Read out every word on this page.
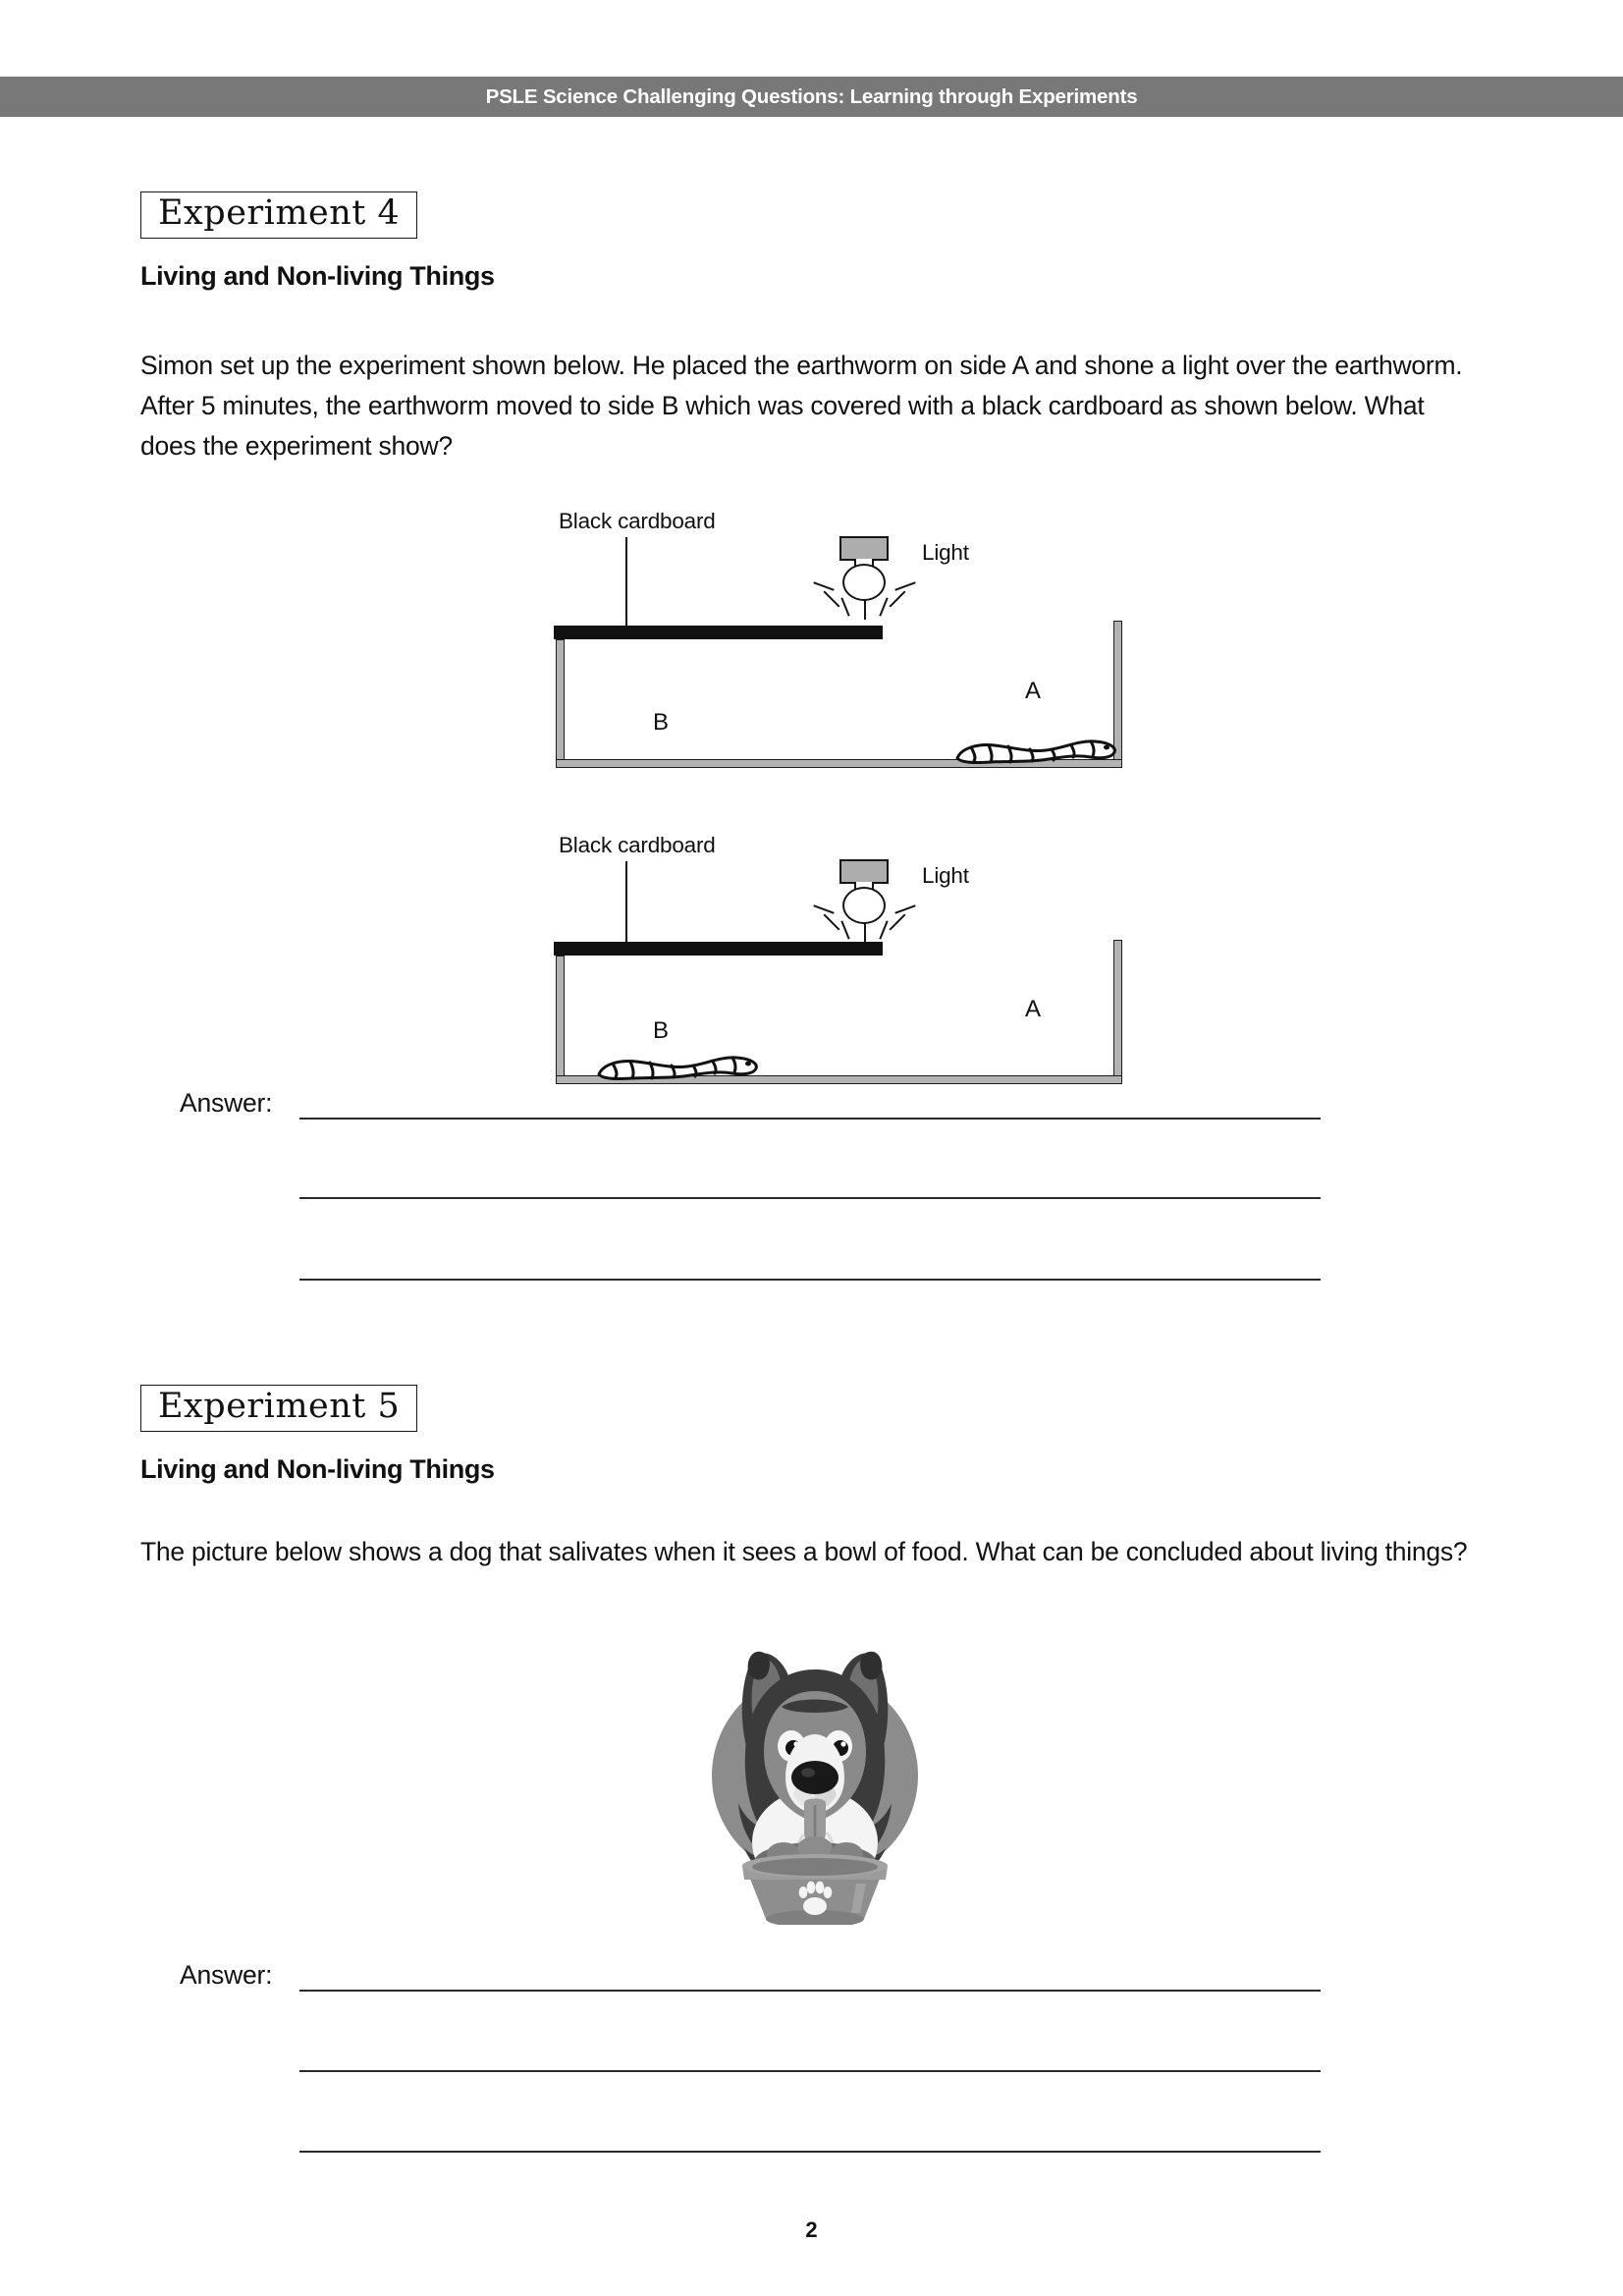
PSLE Science Challenging Questions: Learning through Experiments
Experiment 4
Living and Non-living Things
Simon set up the experiment shown below. He placed the earthworm on side A and shone a light over the earthworm. After 5 minutes, the earthworm moved to side B which was covered with a black cardboard as shown below. What does the experiment show?
Black cardboard
Light
B
A
Black cardboard
Light
B
A
Answer:
Experiment 5
Living and Non-living Things
The picture below shows a dog that salivates when it sees a bowl of food. What can be concluded about living things?
Answer:
2
